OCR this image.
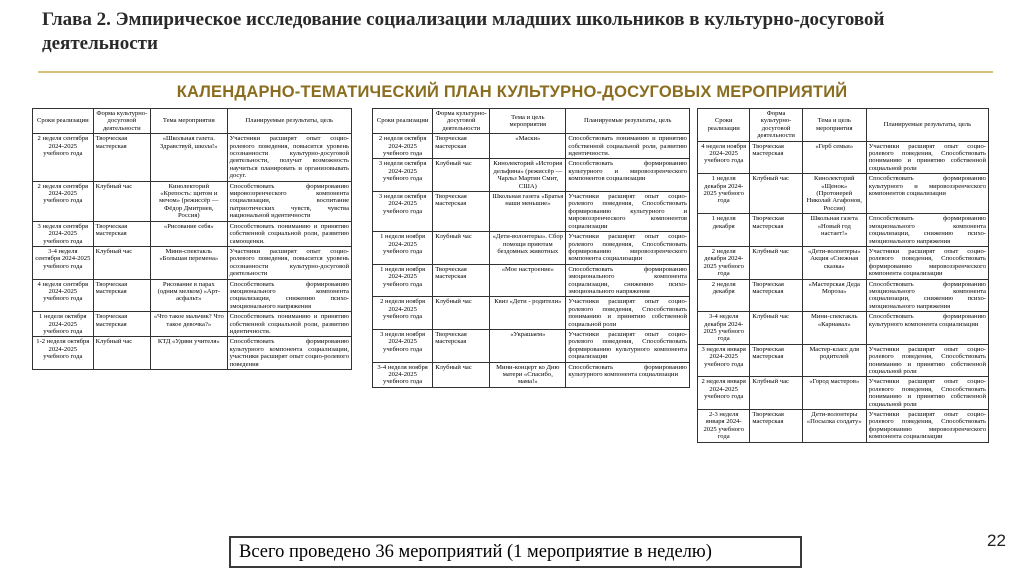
Глава 2. Эмпирическое исследование социализации младших школьников в культурно-досуговой деятельности
КАЛЕНДАРНО-ТЕМАТИЧЕСКИЙ ПЛАН КУЛЬТУРНО-ДОСУГОВЫХ МЕРОПРИЯТИЙ
Сроки реализации	Форма культурно-досуговой деятельности	Тема мероприятия	Планируемые результаты, цель
2 неделя сентября 2024-2025 учебного года	Творческая мастерская	«Школьная газета. Здравствуй, школа!»	Участники расширят опыт социо-ролевого поведения, повысится уровень осознанности культурно-досуговой деятельности, получат возможность научиться планировать и организовывать досуг.
2 неделя сентября 2024-2025 учебного года	Клубный час	Кинолекторий «Крепость: щитом и мечом» (режиссёр — Фёдор Дмитриев, Россия)	Способствовать формированию мировоззренческого компонента социализации, воспитание патриотических чувств, чувства национальной идентичности
3 неделя сентября 2024-2025 учебного года	Творческая мастерская	«Рисование себя»	Способствовать пониманию и принятию собственной социальной роли, развитию самооценки.
3-4 неделя сентября 2024-2025 учебного года	Клубный час	Мини-спектакль «Большая перемена»	Участники расширят опыт социо-ролевого поведения, повысится уровень осознанности культурно-досуговой деятельности
4 неделя сентября 2024-2025 учебного года	Творческая мастерская	Рисование в парах (одним мелком) «Арт-асфальт»	Способствовать формированию эмоционального компонента социализации, снижению психо-эмоционального напряжения
1 неделя октября 2024-2025 учебного года	Творческая мастерская	«Что такое мальчик? Что такое девочка?»	Способствовать пониманию и принятию собственной социальной роли, развитию идентичности.
1-2 неделя октября 2024-2025 учебного года	Клубный час	КТД «Удиви учителя»	Способствовать формированию культурного компонента социализации, участники расширят опыт социо-ролевого поведения
Сроки реализации	Форма культурно-досуговой деятельности	Тема и цель мероприятия	Планируемые результаты, цель
2 неделя октября 2024-2025 учебного года	Творческая мастерская	«Маски»	Способствовать пониманию и принятию собственной социальной роли, развитию идентичности.
3 неделя октября 2024-2025 учебного года	Клубный час	Кинолекторий «История дельфина» (режиссёр — Чарльз Мартин Смит, США)	Способствовать формированию культурного и мировоззренческого компонентов социализации
3 неделя октября 2024-2025 учебного года	Творческая мастерская	Школьная газета «Братья наши меньшие»	Участники расширят опыт социо-ролевого поведения, Способствовать формированию культурного и мировоззренческого компонентов социализации
1 неделя ноября 2024-2025 учебного года	Клубный час	«Дети-волонтеры». Сбор помощи приютам бездомных животных	Участники расширят опыт социо-ролевого поведения, Способствовать формированию мировоззренческого компонента социализации
1 неделя ноября 2024-2025 учебного года	Творческая мастерская	«Мое настроение»	Способствовать формированию эмоционального компонента социализации, снижению психо-эмоционального напряжения
2 неделя ноября 2024-2025 учебного года	Клубный час	Квиз «Дети - родители»	Участники расширят опыт социо-ролевого поведения, Способствовать пониманию и принятию собственной социальной роли
3 неделя ноября 2024-2025 учебного года	Творческая мастерская	«Украшаем»	Участники расширят опыт социо-ролевого поведения, Способствовать формированию культурного компонента социализации
3-4 неделя ноября 2024-2025 учебного года	Клубный час	Мини-концерт ко Дню матери «Спасибо, мама!»	Способствовать формированию культурного компонента социализации
Сроки реализации	Форма культурно-досуговой деятельности	Тема и цель мероприятия	Планируемые результаты, цель
4 неделя ноября 2024-2025 учебного года	Творческая мастерская	«Герб семьи»	Участники расширят опыт социо-ролевого поведения, Способствовать пониманию и принятию собственной социальной роли
1 неделя декабря 2024-2025 учебного года	Клубный час	Кинолекторий «Щенок» (Протоиерей Николай Агафонов, Россия)	Способствовать формированию культурного и мировоззренческого компонентов социализации
1 неделя декабря	Творческая мастерская	Школьная газета «Новый год настает!»	Способствовать формированию эмоционального компонента социализации, снижению психо-эмоционального напряжения
2 неделя декабря 2024-2025 учебного года	Клубный час	«Дети-волонтеры» Акция «Снежная сказка»	Участники расширят опыт социо-ролевого поведения, Способствовать формированию мировоззренческого компонента социализации
2 неделя декабря	Творческая мастерская	«Мастерская Деда Мороза»	Способствовать формированию эмоционального компонента социализации, снижению психо-эмоционального напряжения
3-4 неделя декабря 2024-2025 учебного года	Клубный час	Мини-спектакль «Карнавал»	Способствовать формированию культурного компонента социализации
3 неделя января 2024-2025 учебного года	Творческая мастерская	Мастер-класс для родителей	Участники расширят опыт социо-ролевого поведения, Способствовать пониманию и принятию собственной социальной роли
2 неделя января 2024-2025 учебного года	Клубный час	«Город мастеров»	Участники расширят опыт социо-ролевого поведения, Способствовать пониманию и принятию собственной социальной роли
2-3 неделя января 2024-2025 учебного года	Творческая мастерская	Дети-волонтеры «Посылка солдату»	Участники расширят опыт социо-ролевого поведения, Способствовать формированию мировоззренческого компонента социализации
Всего проведено 36 мероприятий (1 мероприятие в неделю)
22
